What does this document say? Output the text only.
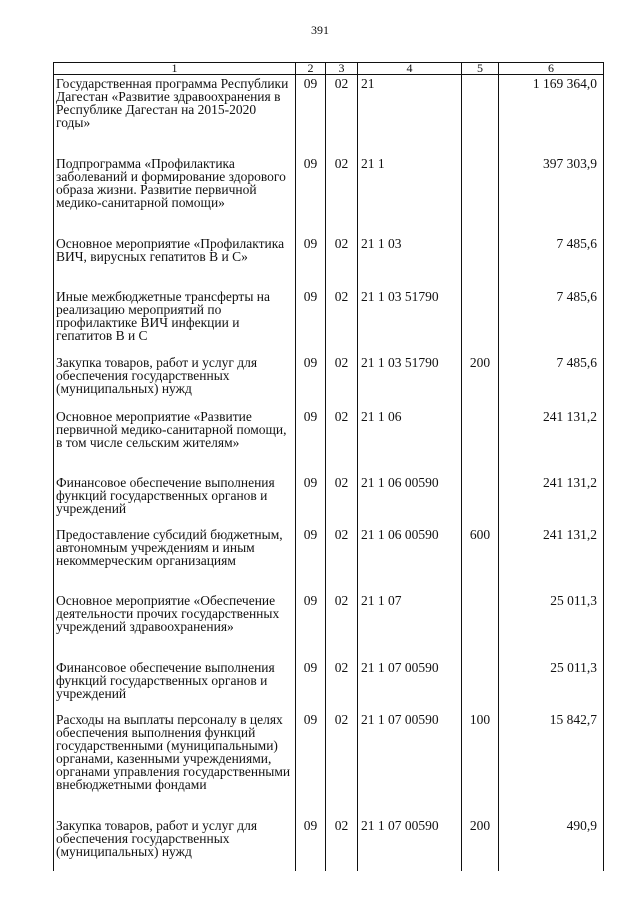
391
1	2	3	4	5	6
Государственная программа Республики Дагестан «Развитие здравоохранения в Республике Дагестан на 2015-2020 годы»	09	02	21		1 169 364,0
Подпрограмма «Профилактика заболеваний и формирование здорового образа жизни. Развитие первичной медико-санитарной помощи»	09	02	21 1		397 303,9
Основное мероприятие «Профилактика ВИЧ, вирусных гепатитов В и С»	09	02	21 1 03		7 485,6
Иные межбюджетные трансферты на реализацию мероприятий по профилактике ВИЧ инфекции и гепатитов В и С	09	02	21 1 03 51790		7 485,6
Закупка товаров, работ и услуг для обеспечения государственных (муниципальных) нужд	09	02	21 1 03 51790	200	7 485,6
Основное мероприятие «Развитие первичной медико-санитарной помощи, в том числе сельским жителям»	09	02	21 1 06		241 131,2
Финансовое обеспечение выполнения функций государственных органов и учреждений	09	02	21 1 06 00590		241 131,2
Предоставление субсидий бюджетным, автономным учреждениям и иным некоммерческим организациям	09	02	21 1 06 00590	600	241 131,2
Основное мероприятие «Обеспечение деятельности прочих государственных учреждений здравоохранения»	09	02	21 1 07		25 011,3
Финансовое обеспечение выполнения функций государственных органов и учреждений	09	02	21 1 07 00590		25 011,3
Расходы на выплаты персоналу в целях обеспечения выполнения функций государственными (муниципальными) органами, казенными учреждениями, органами управления государственными внебюджетными фондами	09	02	21 1 07 00590	100	15 842,7
Закупка товаров, работ и услуг для обеспечения государственных (муниципальных) нужд	09	02	21 1 07 00590	200	490,9
